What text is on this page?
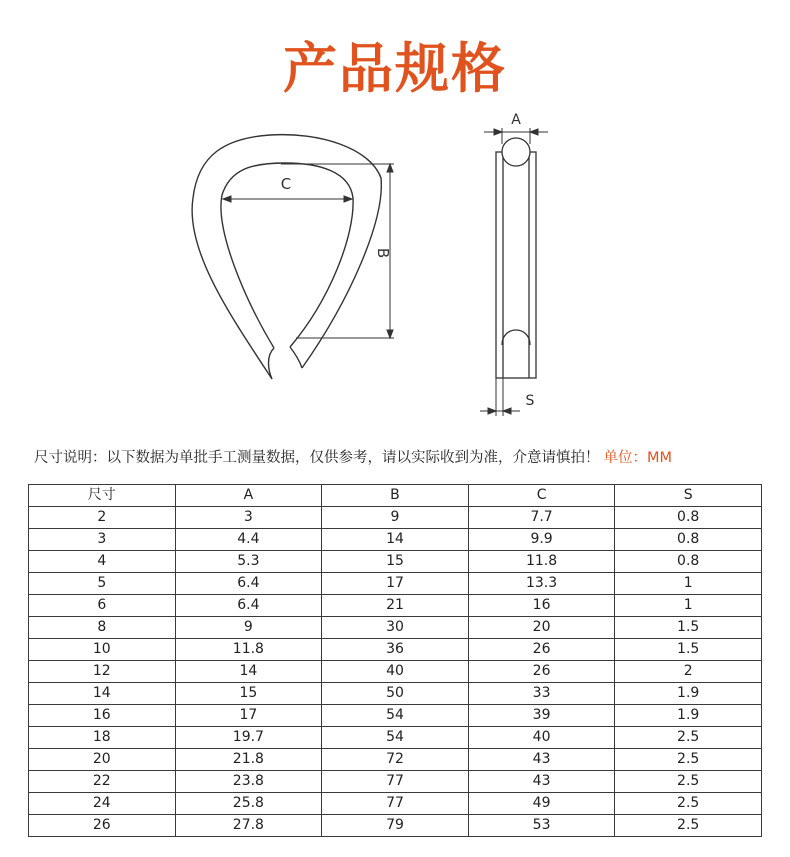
产品规格
C
B
A
S
尺寸说明：以下数据为单批手工测量数据，仅供参考，请以实际收到为准，介意请慎拍！ 单位：MM
尺寸	A	B	C	S
2	3	9	7.7	0.8
3	4.4	14	9.9	0.8
4	5.3	15	11.8	0.8
5	6.4	17	13.3	1
6	6.4	21	16	1
8	9	30	20	1.5
10	11.8	36	26	1.5
12	14	40	26	2
14	15	50	33	1.9
16	17	54	39	1.9
18	19.7	54	40	2.5
20	21.8	72	43	2.5
22	23.8	77	43	2.5
24	25.8	77	49	2.5
26	27.8	79	53	2.5
